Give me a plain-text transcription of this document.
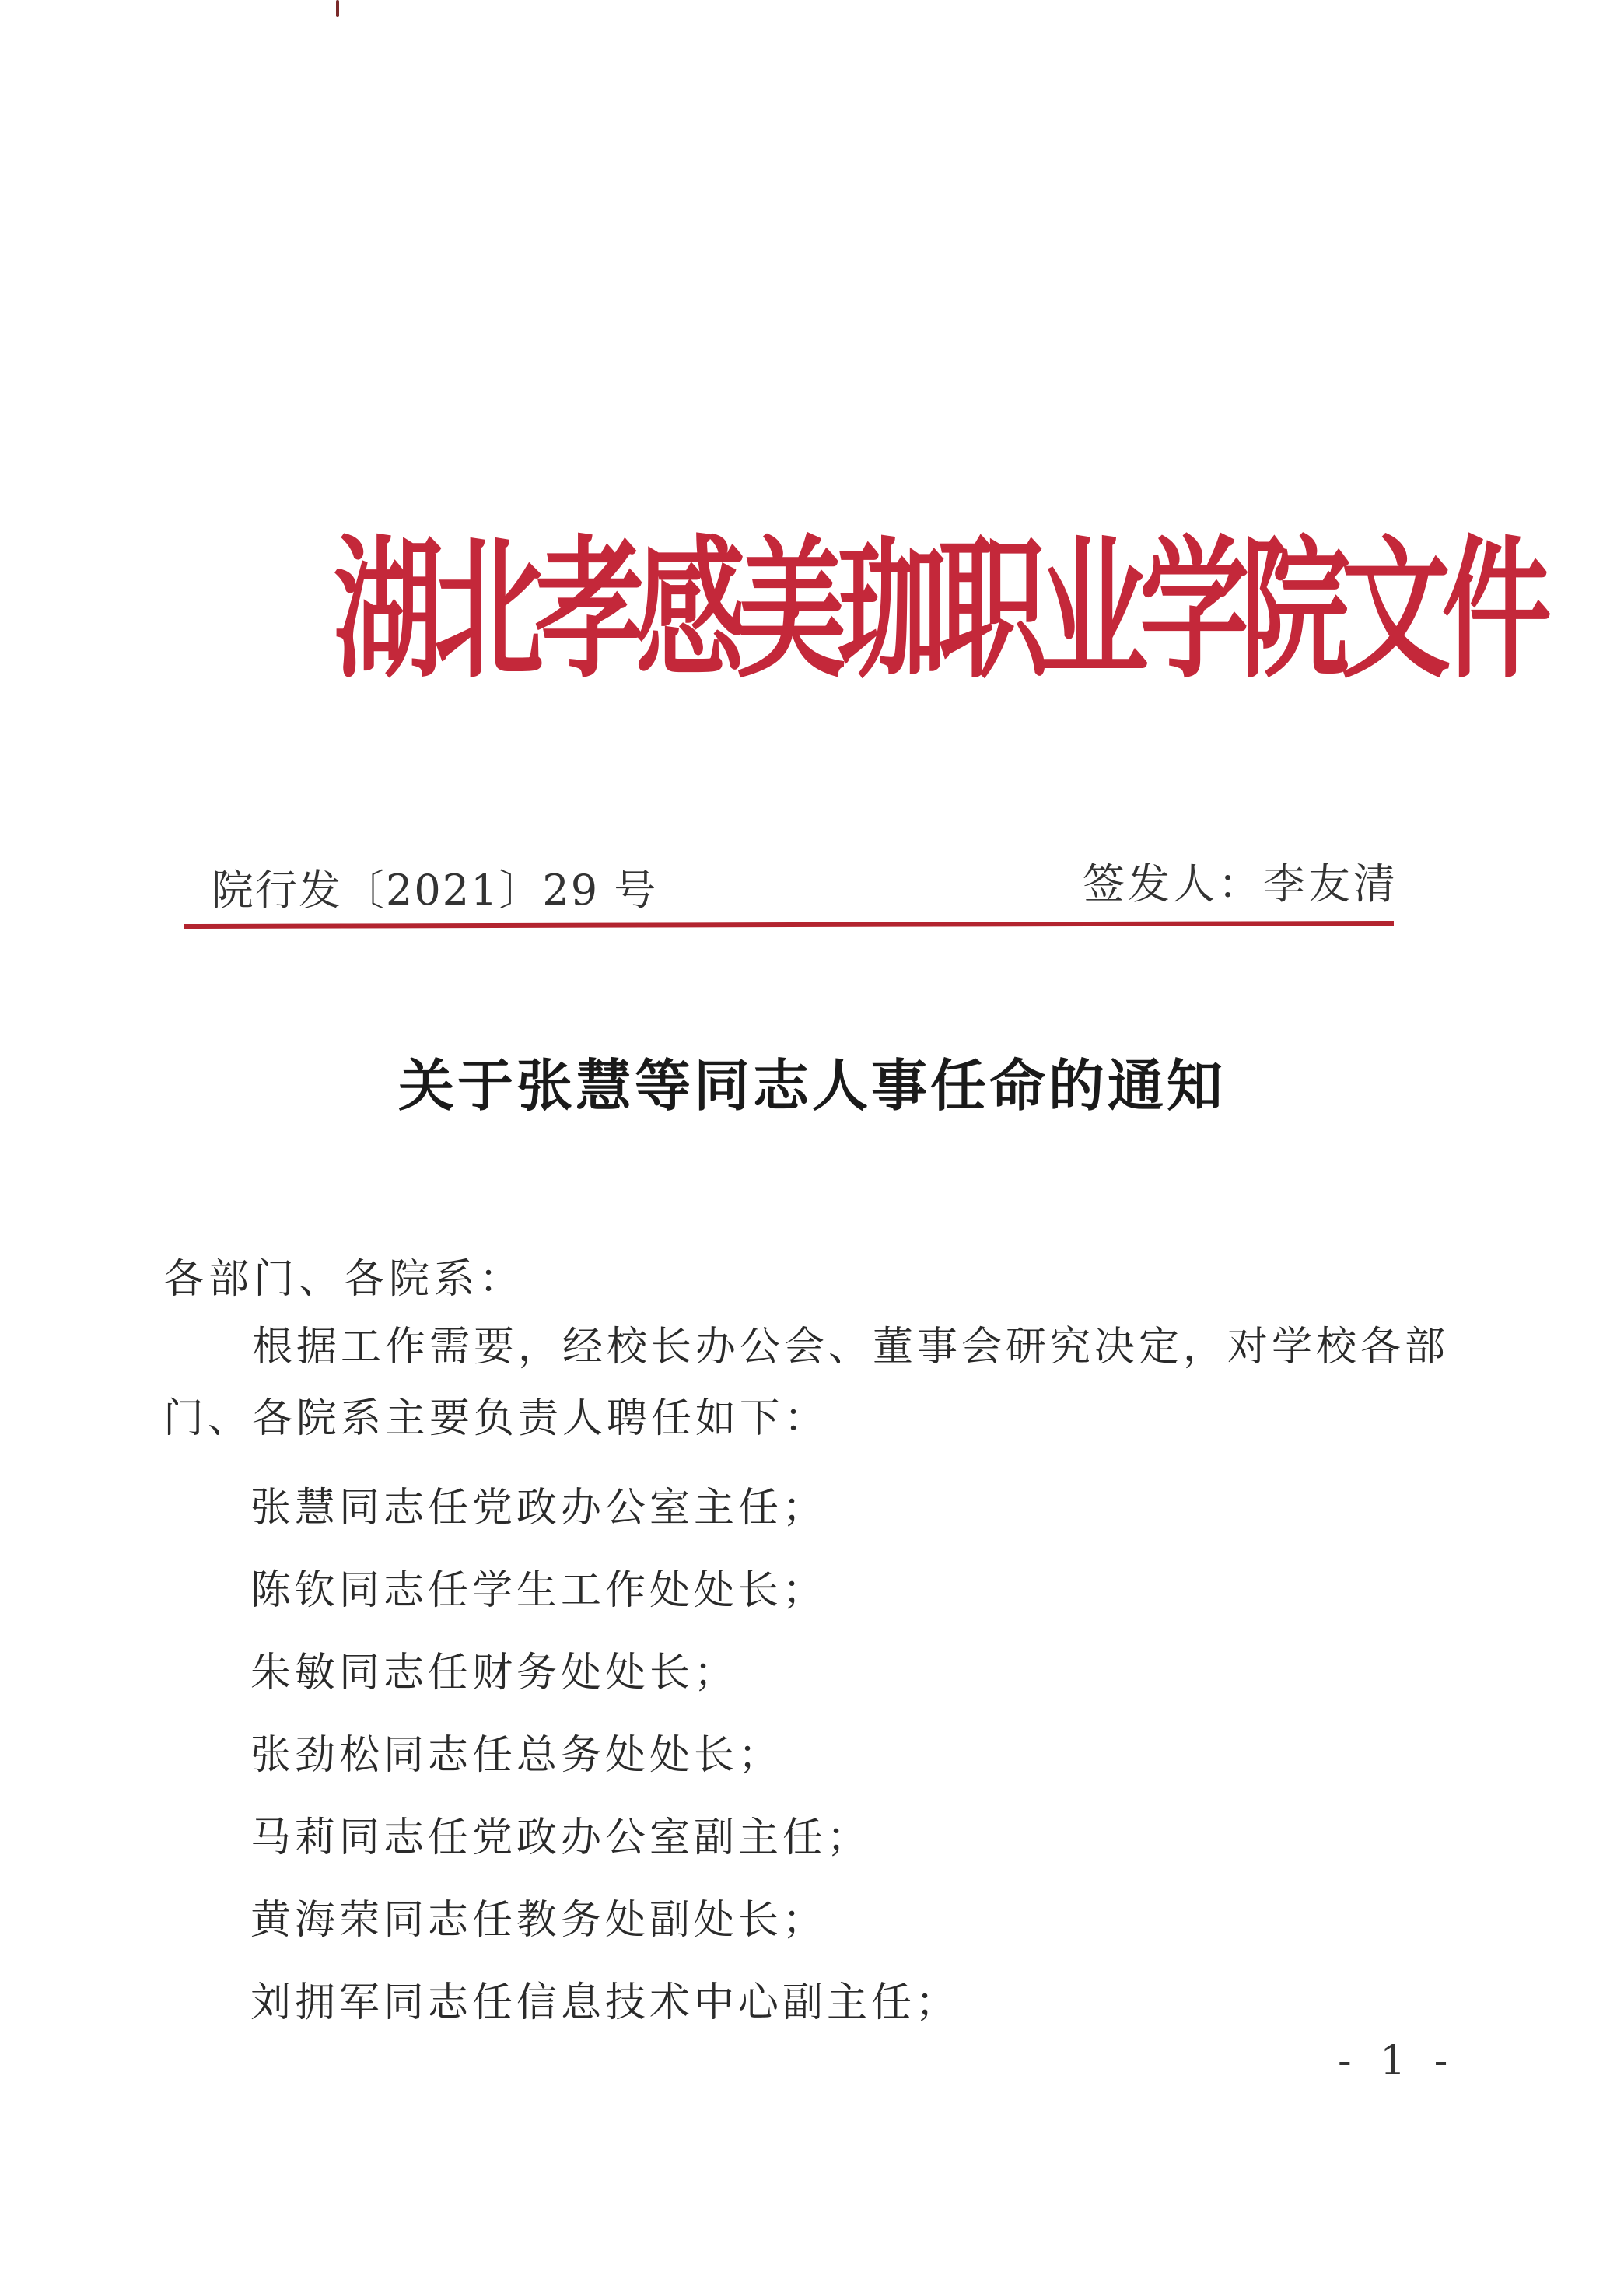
湖北孝感美珈职业学院文件
院行发〔2021〕29 号	签发人：李友清
关于张慧等同志人事任命的通知
各部门、各院系：
根据工作需要，经校长办公会、董事会研究决定，对学校各部门、各院系主要负责人聘任如下：
张慧同志任党政办公室主任；
陈钦同志任学生工作处处长；
朱敏同志任财务处处长；
张劲松同志任总务处处长；
马莉同志任党政办公室副主任；
黄海荣同志任教务处副处长；
刘拥军同志任信息技术中心副主任；
- 1 -
